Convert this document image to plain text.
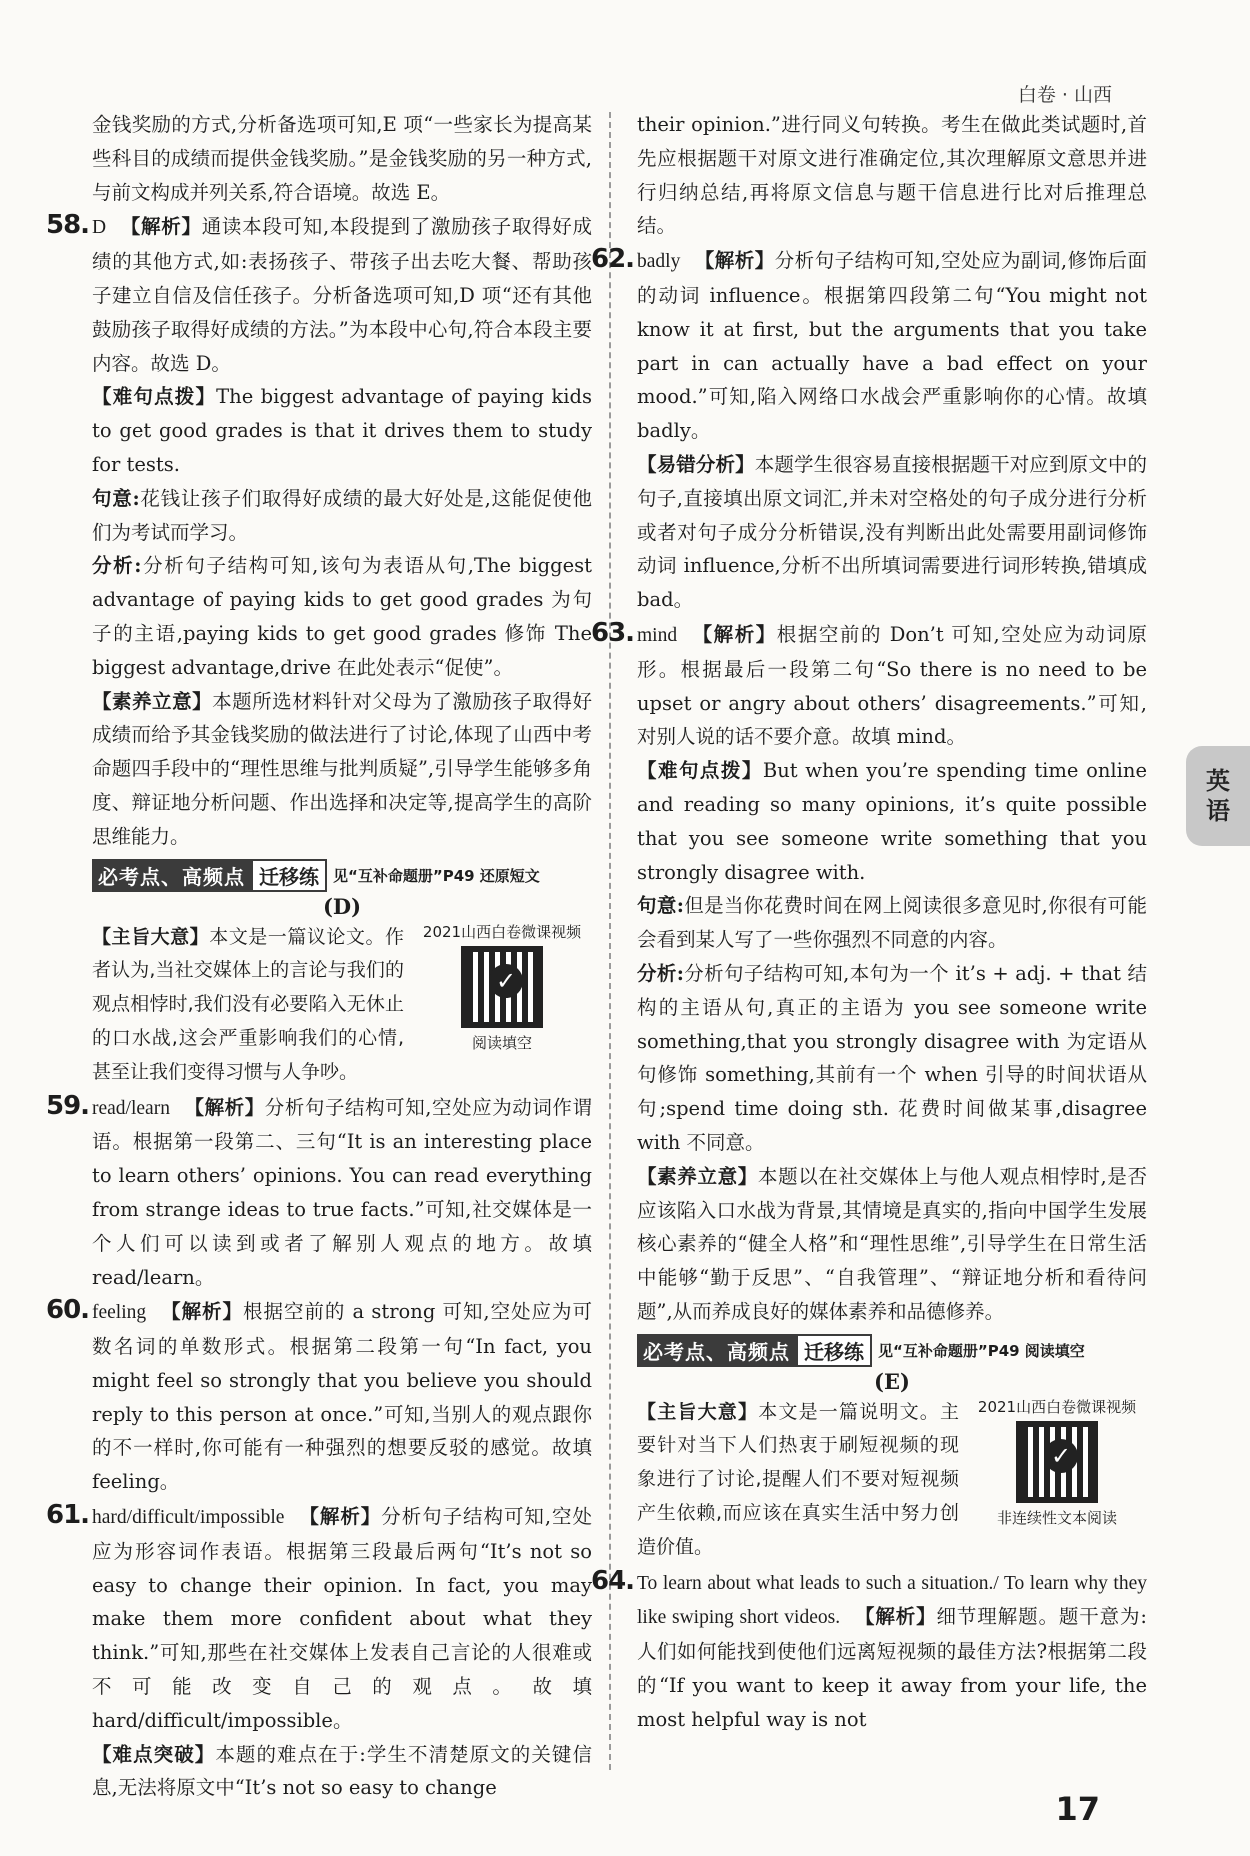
白卷 · 山西

金钱奖励的方式,分析备选项可知,E 项“一些家长为提高某些科目的成绩而提供金钱奖励。”是金钱奖励的另一种方式,与前文构成并列关系,符合语境。故选 E。

58. D 【解析】通读本段可知,本段提到了激励孩子取得好成绩的其他方式,如:表扬孩子、带孩子出去吃大餐、帮助孩子建立自信及信任孩子。分析备选项可知,D 项“还有其他鼓励孩子取得好成绩的方法。”为本段中心句,符合本段主要内容。故选 D。

【难句点拨】The biggest advantage of paying kids to get good grades is that it drives them to study for tests.

句意:花钱让孩子们取得好成绩的最大好处是,这能促使他们为考试而学习。

分析:分析句子结构可知,该句为表语从句,The biggest advantage of paying kids to get good grades 为句子的主语,paying kids to get good grades 修饰 The biggest advantage,drive 在此处表示“促使”。

【素养立意】本题所选材料针对父母为了激励孩子取得好成绩而给予其金钱奖励的做法进行了讨论,体现了山西中考命题四手段中的“理性思维与批判质疑”,引导学生能够多角度、辩证地分析问题、作出选择和决定等,提高学生的高阶思维能力。

必考点、高频点 迁移练 见“互补命题册”P49 还原短文
(D)
2021山西白卷微课视频
✓
阅读填空

【主旨大意】本文是一篇议论文。作者认为,当社交媒体上的言论与我们的观点相悖时,我们没有必要陷入无休止的口水战,这会严重影响我们的心情,甚至让我们变得习惯与人争吵。

59. read/learn 【解析】分析句子结构可知,空处应为动词作谓语。根据第一段第二、三句“It is an interesting place to learn others’ opinions. You can read everything from strange ideas to true facts.”可知,社交媒体是一个人们可以读到或者了解别人观点的地方。故填 read/learn。

60. feeling 【解析】根据空前的 a strong 可知,空处应为可数名词的单数形式。根据第二段第一句“In fact, you might feel so strongly that you believe you should reply to this person at once.”可知,当别人的观点跟你的不一样时,你可能有一种强烈的想要反驳的感觉。故填 feeling。

61. hard/difficult/impossible 【解析】分析句子结构可知,空处应为形容词作表语。根据第三段最后两句“It’s not so easy to change their opinion. In fact, you may make them more confident about what they think.”可知,那些在社交媒体上发表自己言论的人很难或不可能改变自己的观点。故填 hard/difficult/impossible。

【难点突破】本题的难点在于:学生不清楚原文的关键信息,无法将原文中“It’s not so easy to change

their opinion.”进行同义句转换。考生在做此类试题时,首先应根据题干对原文进行准确定位,其次理解原文意思并进行归纳总结,再将原文信息与题干信息进行比对后推理总结。

62. badly 【解析】分析句子结构可知,空处应为副词,修饰后面的动词 influence。根据第四段第二句“You might not know it at first, but the arguments that you take part in can actually have a bad effect on your mood.”可知,陷入网络口水战会严重影响你的心情。故填 badly。

【易错分析】本题学生很容易直接根据题干对应到原文中的句子,直接填出原文词汇,并未对空格处的句子成分进行分析或者对句子成分分析错误,没有判断出此处需要用副词修饰动词 influence,分析不出所填词需要进行词形转换,错填成 bad。

63. mind 【解析】根据空前的 Don’t 可知,空处应为动词原形。根据最后一段第二句“So there is no need to be upset or angry about others’ disagreements.”可知,对别人说的话不要介意。故填 mind。

【难句点拨】But when you’re spending time online and reading so many opinions, it’s quite possible that you see someone write something that you strongly disagree with.

句意:但是当你花费时间在网上阅读很多意见时,你很有可能会看到某人写了一些你强烈不同意的内容。

分析:分析句子结构可知,本句为一个 it’s + adj. + that 结构的主语从句,真正的主语为 you see someone write something,that you strongly disagree with 为定语从句修饰 something,其前有一个 when 引导的时间状语从句;spend time doing sth. 花费时间做某事,disagree with 不同意。

【素养立意】本题以在社交媒体上与他人观点相悖时,是否应该陷入口水战为背景,其情境是真实的,指向中国学生发展核心素养的“健全人格”和“理性思维”,引导学生在日常生活中能够“勤于反思”、“自我管理”、“辩证地分析和看待问题”,从而养成良好的媒体素养和品德修养。

必考点、高频点 迁移练 见“互补命题册”P49 阅读填空
(E)
2021山西白卷微课视频
✓
非连续性文本阅读

【主旨大意】本文是一篇说明文。主要针对当下人们热衷于刷短视频的现象进行了讨论,提醒人们不要对短视频产生依赖,而应该在真实生活中努力创造价值。

64. To learn about what leads to such a situation./ To learn why they like swiping short videos. 【解析】细节理解题。题干意为:人们如何能找到使他们远离短视频的最佳方法?根据第二段的“If you want to keep it away from your life, the most helpful way is not

英
语
17
